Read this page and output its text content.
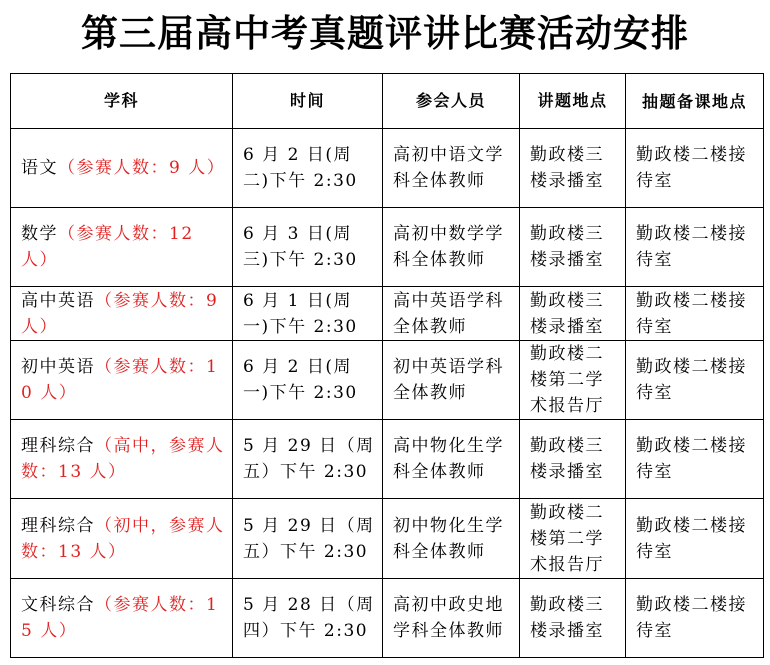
第三届高中考真题评讲比赛活动安排
学科	时间	参会人员	讲题地点	抽题备课地点
语文（参赛人数：9 人）	6 月 2 日(周二)下午 2:30	高初中语文学科全体教师	勤政楼三楼录播室	勤政楼二楼接待室
数学（参赛人数：12 人）	6 月 3 日(周三)下午 2:30	高初中数学学科全体教师	勤政楼三楼录播室	勤政楼二楼接待室
高中英语（参赛人数：9 人）	6 月 1 日(周一)下午 2:30	高中英语学科全体教师	勤政楼三楼录播室	勤政楼二楼接待室
初中英语（参赛人数：10 人）	6 月 2 日(周一)下午 2:30	初中英语学科全体教师	勤政楼二楼第二学术报告厅	勤政楼二楼接待室
理科综合（高中，参赛人数：13 人）	5 月 29 日（周五）下午 2:30	高中物化生学科全体教师	勤政楼三楼录播室	勤政楼二楼接待室
理科综合（初中，参赛人数：13 人）	5 月 29 日（周五）下午 2:30	初中物化生学科全体教师	勤政楼二楼第二学术报告厅	勤政楼二楼接待室
文科综合（参赛人数：15 人）	5 月 28 日（周四）下午 2:30	高初中政史地学科全体教师	勤政楼三楼录播室	勤政楼二楼接待室
